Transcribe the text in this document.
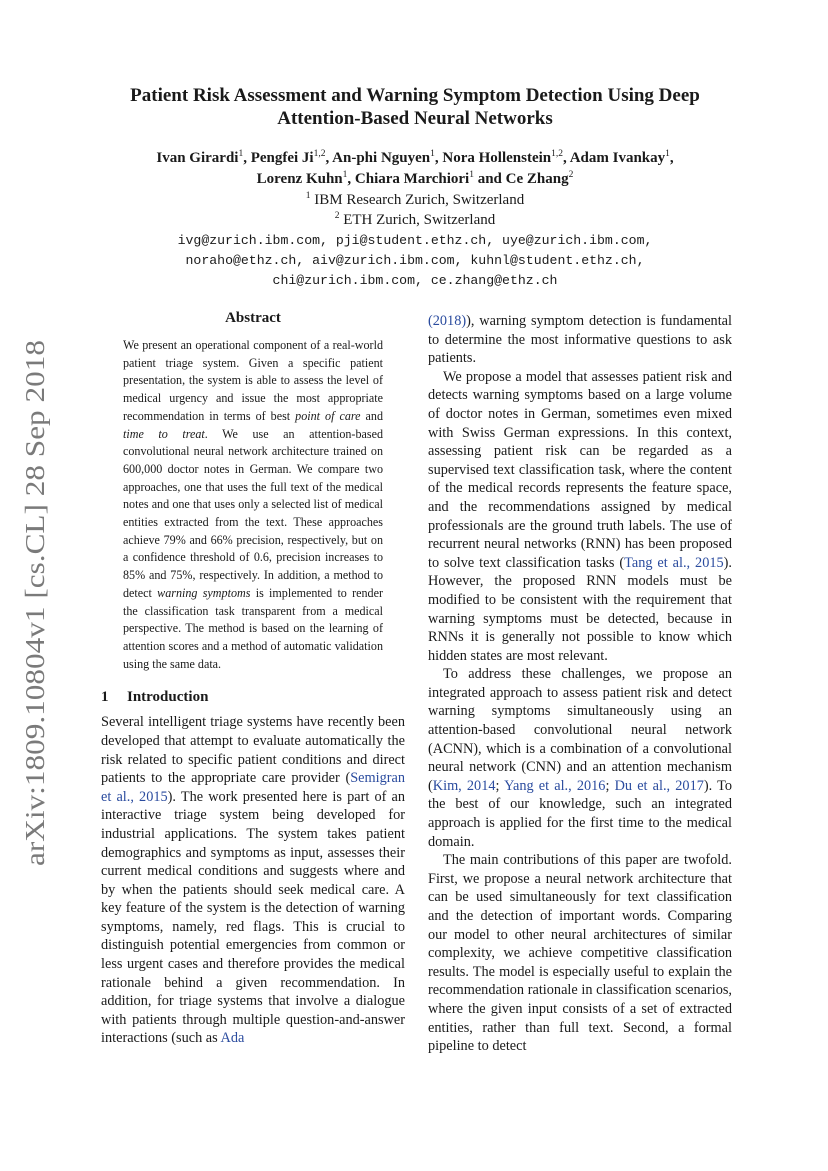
arXiv:1809.10804v1 [cs.CL] 28 Sep 2018
Patient Risk Assessment and Warning Symptom Detection Using Deep
Attention-Based Neural Networks
Ivan Girardi$^1$, Pengfei Ji$^{1,2}$, An-phi Nguyen$^1$, Nora Hollenstein$^{1,2}$, Adam Ivankay$^1$,
Lorenz Kuhn$^1$, Chiara Marchiori$^1$ and Ce Zhang$^2$
$^1$ IBM Research Zurich, Switzerland
$^2$ ETH Zurich, Switzerland
ivg@zurich.ibm.com, pji@student.ethz.ch, uye@zurich.ibm.com,
noraho@ethz.ch, aiv@zurich.ibm.com, kuhnl@student.ethz.ch,
chi@zurich.ibm.com, ce.zhang@ethz.ch
Abstract
We present an operational component of a real-world patient triage system. Given a specific patient presentation, the system is able to assess the level of medical urgency and issue the most appropriate recommendation in terms of best point of care and time to treat. We use an attention-based convolutional neural network architecture trained on 600,000 doctor notes in German. We compare two approaches, one that uses the full text of the medical notes and one that uses only a selected list of medical entities extracted from the text. These approaches achieve 79% and 66% precision, respectively, but on a confidence threshold of 0.6, precision increases to 85% and 75%, respectively. In addition, a method to detect warning symptoms is implemented to render the classification task transparent from a medical perspective. The method is based on the learning of attention scores and a method of automatic validation using the same data.
1 Introduction

Several intelligent triage systems have recently been developed that attempt to evaluate automatically the risk related to specific patient conditions and direct patients to the appropriate care provider (Semigran et al., 2015). The work presented here is part of an interactive triage system being developed for industrial applications. The system takes patient demographics and symptoms as input, assesses their current medical conditions and suggests where and by when the patients should seek medical care. A key feature of the system is the detection of warning symptoms, namely, red flags. This is crucial to distinguish potential emergencies from common or less urgent cases and therefore provides the medical rationale behind a given recommendation. In addition, for triage systems that involve a dialogue with patients through multiple question-and-answer interactions (such as Ada

(2018)), warning symptom detection is fundamental to determine the most informative questions to ask patients.

We propose a model that assesses patient risk and detects warning symptoms based on a large volume of doctor notes in German, sometimes even mixed with Swiss German expressions. In this context, assessing patient risk can be regarded as a supervised text classification task, where the content of the medical records represents the feature space, and the recommendations assigned by medical professionals are the ground truth labels. The use of recurrent neural networks (RNN) has been proposed to solve text classification tasks (Tang et al., 2015). However, the proposed RNN models must be modified to be consistent with the requirement that warning symptoms must be detected, because in RNNs it is generally not possible to know which hidden states are most relevant.

To address these challenges, we propose an integrated approach to assess patient risk and detect warning symptoms simultaneously using an attention-based convolutional neural network (ACNN), which is a combination of a convolutional neural network (CNN) and an attention mechanism (Kim, 2014; Yang et al., 2016; Du et al., 2017). To the best of our knowledge, such an integrated approach is applied for the first time to the medical domain.

The main contributions of this paper are twofold. First, we propose a neural network architecture that can be used simultaneously for text classification and the detection of important words. Comparing our model to other neural architectures of similar complexity, we achieve competitive classification results. The model is especially useful to explain the recommendation rationale in classification scenarios, where the given input consists of a set of extracted entities, rather than full text. Second, a formal pipeline to detect
